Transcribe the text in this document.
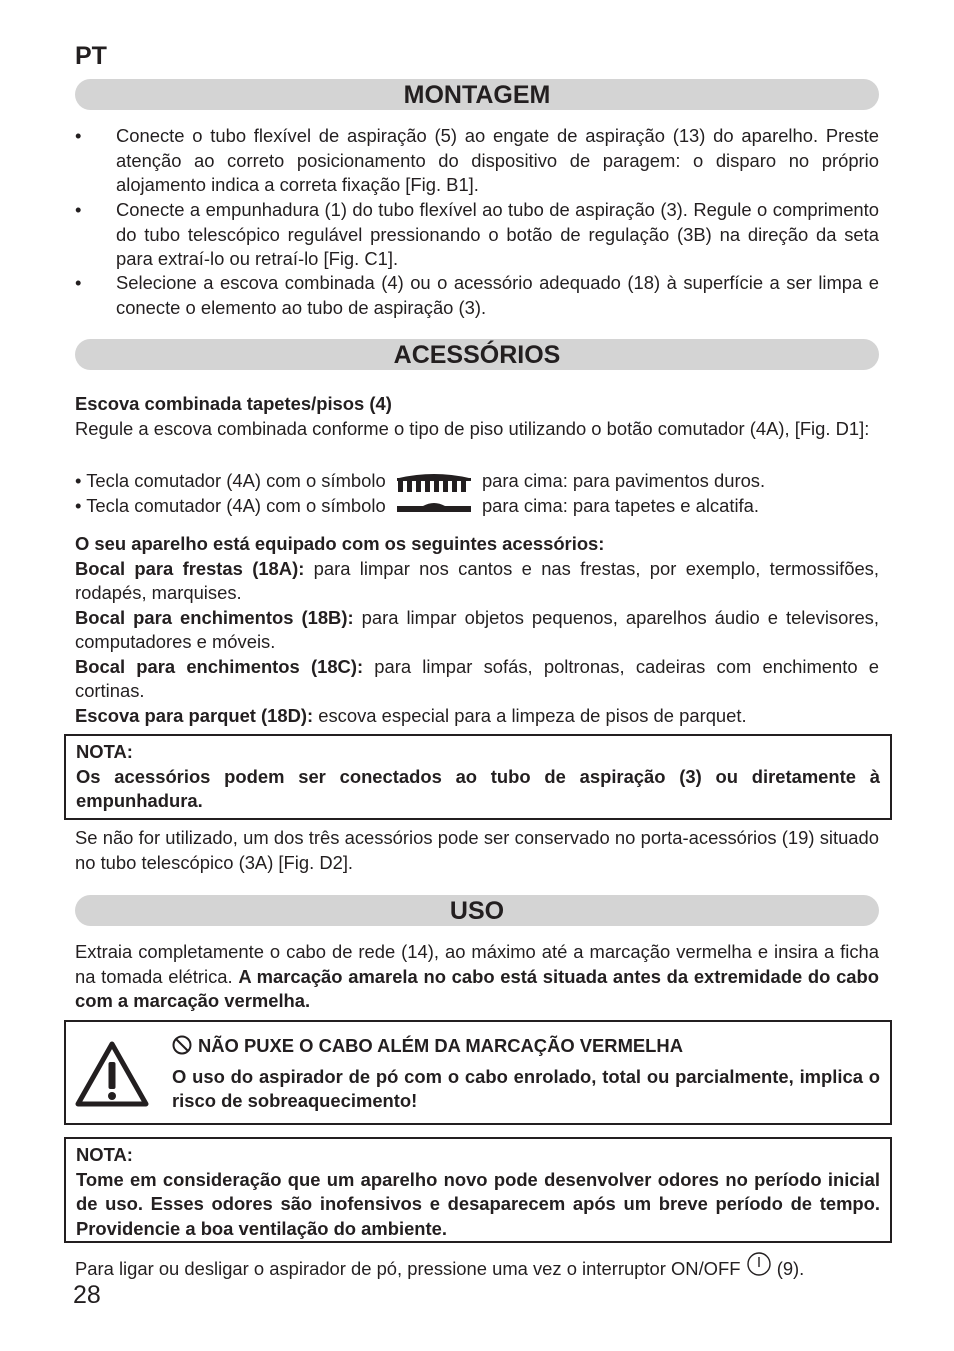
PT
MONTAGEM
• Conecte o tubo flexível de aspiração (5) ao engate de aspiração (13) do aparelho. Preste atenção ao correto posicionamento do dispositivo de paragem: o disparo no próprio alojamento indica a correta fixação [Fig. B1].
• Conecte a empunhadura (1) do tubo flexível ao tubo de aspiração (3). Regule o comprimento do tubo telescópico regulável pressionando o botão de regulação (3B) na direção da seta para extraí-lo ou retraí-lo [Fig. C1].
• Selecione a escova combinada (4) ou o acessório adequado (18) à superfície a ser limpa e conecte o elemento ao tubo de aspiração (3).
ACESSÓRIOS
Escova combinada tapetes/pisos (4)
Regule a escova combinada conforme o tipo de piso utilizando o botão comutador (4A), [Fig. D1]:
• Tecla comutador (4A) com o símbolo	para cima: para pavimentos duros.
• Tecla comutador (4A) com o símbolo	para cima: para tapetes e alcatifa.
O seu aparelho está equipado com os seguintes acessórios:
Bocal para frestas (18A): para limpar nos cantos e nas frestas, por exemplo, termossifões, rodapés, marquises.
Bocal para enchimentos (18B): para limpar objetos pequenos, aparelhos áudio e televisores, computadores e móveis.
Bocal para enchimentos (18C): para limpar sofás, poltronas, cadeiras com enchimento e cortinas.
Escova para parquet (18D): escova especial para a limpeza de pisos de parquet.
NOTA:
Os acessórios podem ser conectados ao tubo de aspiração (3) ou diretamente à empunhadura.
Se não for utilizado, um dos três acessórios pode ser conservado no porta-acessórios (19) situado no tubo telescópico (3A) [Fig. D2].
USO
Extraia completamente o cabo de rede (14), ao máximo até a marcação vermelha e insira a ficha na tomada elétrica. A marcação amarela no cabo está situada antes da extremidade do cabo com a marcação vermelha.
NÃO PUXE O CABO ALÉM DA MARCAÇÃO VERMELHA
O uso do aspirador de pó com o cabo enrolado, total ou parcialmente, implica o risco de sobreaquecimento!
NOTA:
Tome em consideração que um aparelho novo pode desenvolver odores no período inicial de uso. Esses odores são inofensivos e desaparecem após um breve período de tempo. Providencie a boa ventilação do ambiente.
Para ligar ou desligar o aspirador de pó, pressione uma vez o interruptor ON/OFF (9).
28
